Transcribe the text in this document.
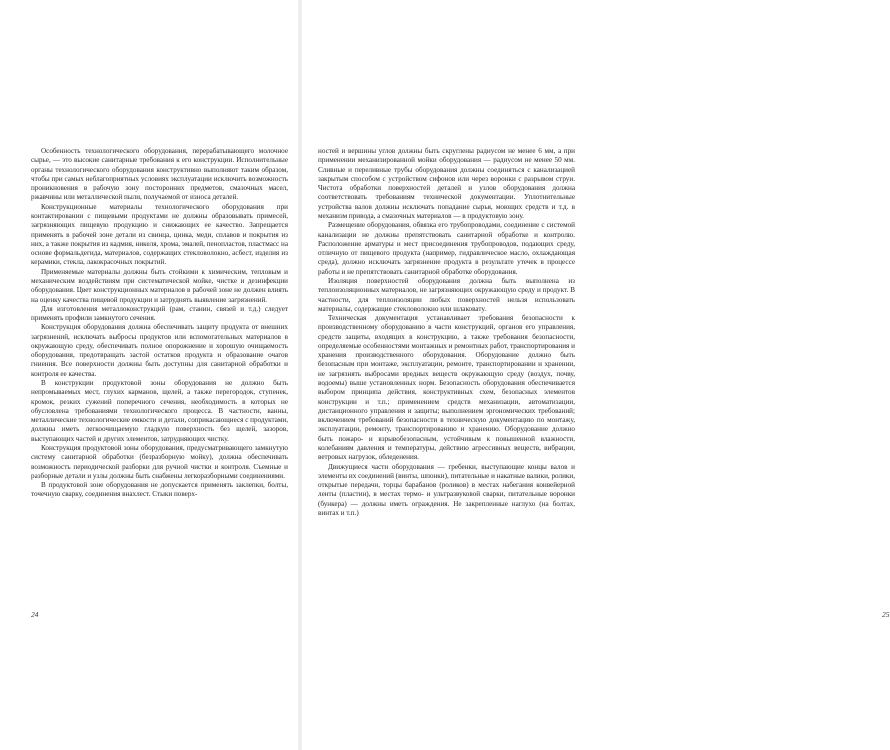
Особенность технологического оборудования, перерабатывающего молочное сырье, — это высокие санитарные требования к его конструкции. Исполнительные органы технологического оборудования конструктивно выполняют таким образом, чтобы при самых неблагоприятных условиях эксплуатации исключить возможность проникновения в рабочую зону посторонних предметов, смазочных масел, ржавчины или металлической пыли, получаемой от износа деталей.

Конструкционные материалы технологического оборудования при контактировании с пищевыми продуктами не должны образовывать примесей, загрязняющих пищевую продукцию и снижающих ее качество. Запрещается применять в рабочей зоне детали из свинца, цинка, меди, сплавов и покрытия из них, а также покрытия из кадмия, никеля, хрома, эмалей, пенопластов, пластмасс на основе формальдегида, материалов, содержащих стекловолокно, асбест, изделия из керамики, стекла, лакокрасочных покрытий.

Применяемые материалы должны быть стойкими к химическим, тепловым и механическим воздействиям при систематической мойке, чистке и дезинфекции оборудования. Цвет конструкционных материалов в рабочей зоне не должен влиять на оценку качества пищевой продукции и затруднять выявление загрязнений.

Для изготовления металлоконструкций (рам, станин, связей и т.д.) следует применять профили замкнутого сечения.

Конструкция оборудования должна обеспечивать защиту продукта от внешних загрязнений, исключать выбросы продуктов или вспомогательных материалов в окружающую среду, обеспечивать полное опорожнение и хорошую очищаемость оборудования, предотвращать застой остатков продукта и образование очагов гниения. Все поверхности должны быть доступны для санитарной обработки и контроля ее качества.

В конструкции продуктовой зоны оборудования не должно быть непромываемых мест, глухих карманов, щелей, а также перегородок, ступенек, кромок, резких сужений поперечного сечения, необходимость в которых не обусловлена требованиями технологического процесса. В частности, ванны, металлические технологические емкости и детали, соприкасающиеся с продуктами, должны иметь легкоочищаемую гладкую поверхность без щелей, зазоров, выступающих частей и других элементов, затрудняющих чистку.

Конструкция продуктовой зоны оборудования, предусматривающего замкнутую систему санитарной обработки (безразборную мойку), должна обеспечивать возможность периодической разборки для ручной чистки и контроля. Съемные и разборные детали и узлы должны быть снабжены легкоразборными соединениями.

В продуктовой зоне оборудования не допускается применять заклепки, болты, точечную сварку, соединения внахлест. Стыки поверх-

24	25

ностей и вершины углов должны быть скруглены радиусом не менее 6 мм, а при применении механизированной мойки оборудования — радиусом не менее 50 мм. Сливные и переливные трубы оборудования должны соединяться с канализацией закрытым способом с устройством сифонов или через воронки с разрывом струи. Чистота обработки поверхностей деталей и узлов оборудования должна соответствовать требованиям технической документации. Уплотнительные устройства валов должны исключать попадание сырья, моющих средств и т.д. в механизм привода, а смазочных материалов — в продуктовую зону.

Размещение оборудования, обвязка его трубопроводами, соединение с системой канализации не должны препятствовать санитарной обработке и контролю. Расположение арматуры и мест присоединения трубопроводов, подающих среду, отличную от пищевого продукта (например, гидравлическое масло, охлаждающая среда), должно исключать загрязнение продукта в результате утечек в процессе работы и не препятствовать санитарной обработке оборудования.

Изоляция поверхностей оборудования должна быть выполнена из теплоизоляционных материалов, не загрязняющих окружающую среду и продукт. В частности, для теплоизоляции любых поверхностей нельзя использовать материалы, содержащие стекловолокно или шлаковату.

Техническая документация устанавливает требования безопасности к производственному оборудованию в части конструкций, органов его управления, средств защиты, входящих в конструкцию, а также требования безопасности, определяемые особенностями монтажных и ремонтных работ, транспортирования и хранения производственного оборудования. Оборудование должно быть безопасным при монтаже, эксплуатации, ремонте, транспортировании и хранении, не загрязнять выбросами вредных веществ окружающую среду (воздух, почву, водоемы) выше установленных норм. Безопасность оборудования обеспечивается выбором принципа действия, конструктивных схем, безопасных элементов конструкции и т.п.; применением средств механизации, автоматизации, дистанционного управления и защиты; выполнением эргономических требований; включением требований безопасности в техническую документацию по монтажу, эксплуатации, ремонту, транспортированию и хранению. Оборудование должно быть пожаро- и взрывобезопасным, устойчивым к повышенной влажности, колебаниям давления и температуры, действию агрессивных веществ, вибрации, ветровых нагрузок, обледенения.

Движущиеся части оборудования — гребенки, выступающие концы валов и элементы их соединений (винты, шпонки), питательные и накатные валики, ролики, открытые передачи, торцы барабанов (роликов) в местах набегания конвейерной ленты (пластин), в местах термо- и ультразвуковой сварки, питательные воронки (бункера) — должны иметь ограждения. Не закрепленные наглухо (на болтах, винтах и т.п.)
